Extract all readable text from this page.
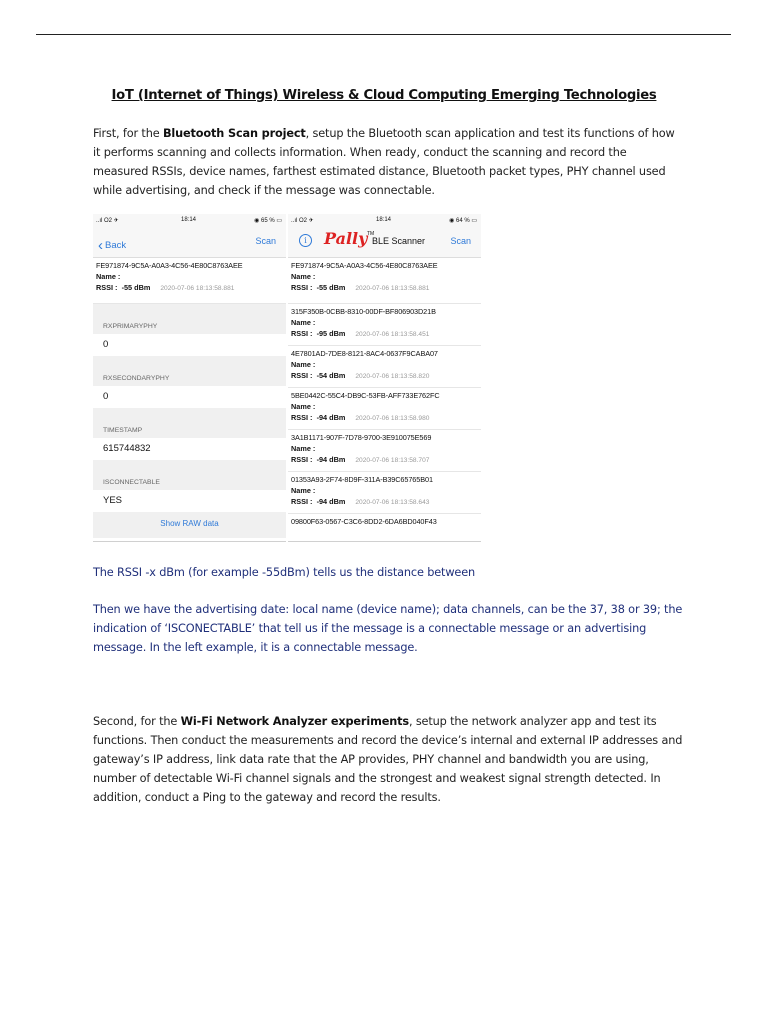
IoT (Internet of Things) Wireless & Cloud Computing Emerging Technologies
First, for the Bluetooth Scan project, setup the Bluetooth scan application and test its functions of how it performs scanning and collects information. When ready, conduct the scanning and record the measured RSSIs, device names, farthest estimated distance, Bluetooth packet types, PHY channel used while advertising, and check if the message was connectable.
..ıl O2 ✈	18:14	◉ 65 % ▭
‹ Back	Scan
FE971874-9C5A-A0A3-4C56-4E80C8763AEE
Name :
RSSI : -55 dBm 2020-07-06 18:13:58.881
RXPRIMARYPHY
0
RXSECONDARYPHY
0
TIMESTAMP
615744832
ISCONNECTABLE
YES
Show RAW data
..ıl O2 ✈	18:14	◉ 64 % ▭
i	Pally TM
BLE Scanner	Scan
FE971874-9C5A-A0A3-4C56-4E80C8763AEE
Name :
RSSI : -55 dBm 2020-07-06 18:13:58.881
315F350B-0CBB-8310-00DF-BF806903D21B
Name :
RSSI : -95 dBm 2020-07-06 18:13:58.451
4E7801AD-7DE8-8121-8AC4-0637F9CABA07
Name :
RSSI : -54 dBm 2020-07-06 18:13:58.820
5BE0442C-55C4-DB9C-53FB-AFF733E762FC
Name :
RSSI : -94 dBm 2020-07-06 18:13:58.980
3A1B1171-907F-7D78-9700-3E910075E569
Name :
RSSI : -94 dBm 2020-07-06 18:13:58.707
01353A93-2F74-8D9F-311A-B39C65765B01
Name :
RSSI : -94 dBm 2020-07-06 18:13:58.643
09800F63-0567-C3C6-8DD2-6DA6BD040F43
The RSSI -x dBm (for example -55dBm) tells us the distance between
Then we have the advertising date: local name (device name); data channels, can be the 37, 38 or 39; the indication of ‘ISCONECTABLE’ that tell us if the message is a connectable message or an advertising message. In the left example, it is a connectable message.
Second, for the Wi-Fi Network Analyzer experiments, setup the network analyzer app and test its functions. Then conduct the measurements and record the device’s internal and external IP addresses and gateway’s IP address, link data rate that the AP provides, PHY channel and bandwidth you are using, number of detectable Wi-Fi channel signals and the strongest and weakest signal strength detected. In addition, conduct a Ping to the gateway and record the results.
